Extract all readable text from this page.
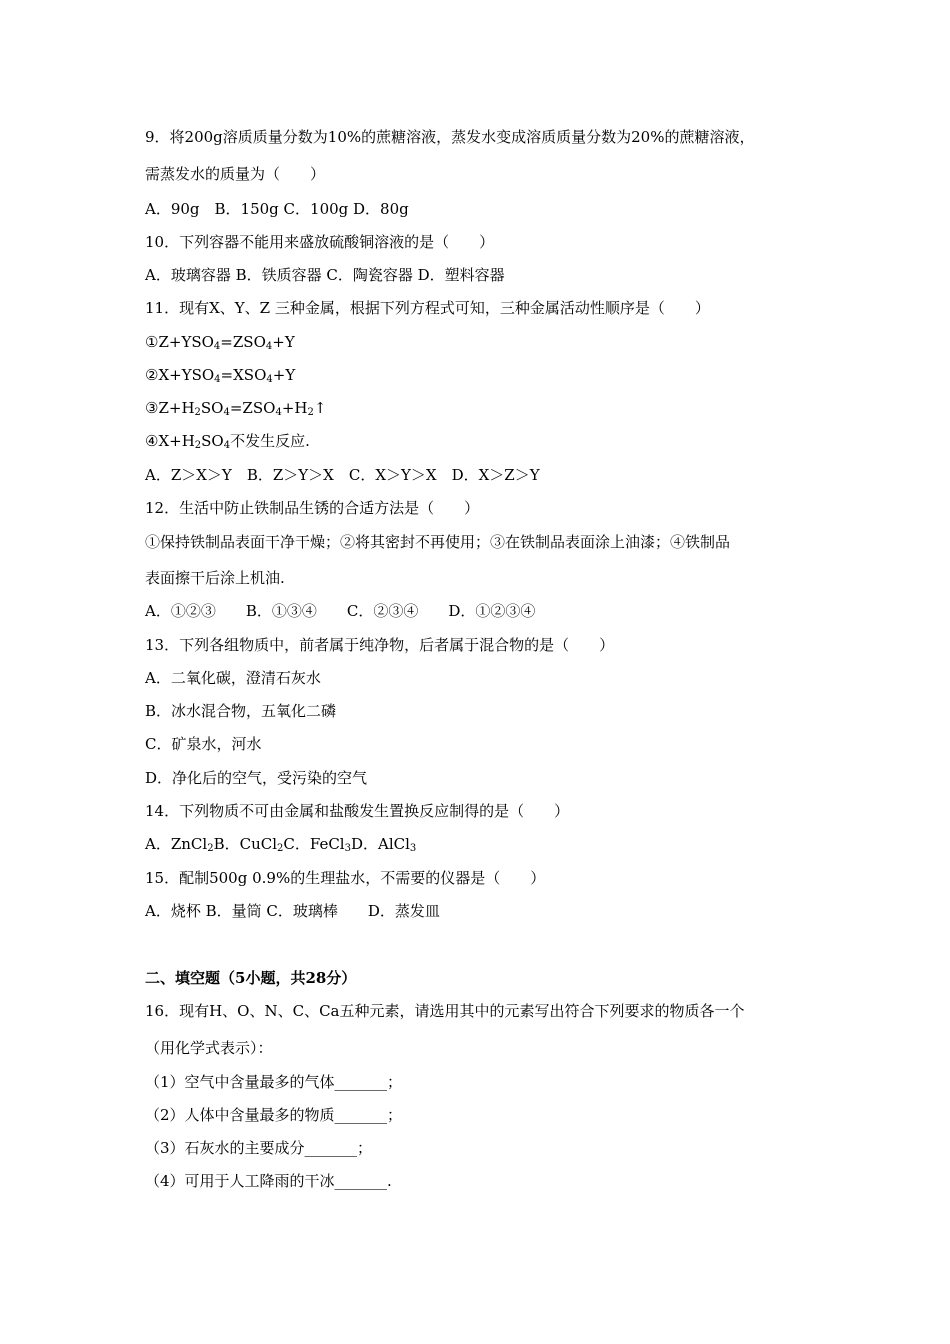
9．将200g溶质质量分数为10%的蔗糖溶液，蒸发水变成溶质质量分数为20%的蔗糖溶液，
需蒸发水的质量为（　　）
A．90g　B．150g C．100g D．80g
10．下列容器不能用来盛放硫酸铜溶液的是（　　）
A．玻璃容器 B．铁质容器 C．陶瓷容器 D．塑料容器
11．现有X、Y、Z 三种金属，根据下列方程式可知，三种金属活动性顺序是（　　）
$①Z+YSO_4=ZSO_4+Y$
$②X+YSO_4=XSO_4+Y$
$③Z+H_2SO_4=ZSO_4+H_2↑$
$④X+H_2SO_4$不发生反应.
A．Z＞X＞Y　B．Z＞Y＞X　C．X＞Y＞X　D．X＞Z＞Y
12．生活中防止铁制品生锈的合适方法是（　　）
①保持铁制品表面干净干燥；②将其密封不再使用；③在铁制品表面涂上油漆；④铁制品
表面擦干后涂上机油.
A．①②③　　B．①③④　　C．②③④　　D．①②③④
13．下列各组物质中，前者属于纯净物，后者属于混合物的是（　　）
A．二氧化碳，澄清石灰水
B．冰水混合物，五氧化二磷
C．矿泉水，河水
D．净化后的空气，受污染的空气
14．下列物质不可由金属和盐酸发生置换反应制得的是（　　）
A．ZnCl$_2$B．CuCl$_2$C．FeCl$_3$D．AlCl$_3$
15．配制500g 0.9%的生理盐水，不需要的仪器是（　　）
A．烧杯 B．量筒 C．玻璃棒　　D．蒸发皿
二、填空题（5小题，共28分）
16．现有H、O、N、C、Ca五种元素，请选用其中的元素写出符合下列要求的物质各一个
（用化学式表示）：
（1）空气中含量最多的气体_______；
（2）人体中含量最多的物质_______；
（3）石灰水的主要成分_______；
（4）可用于人工降雨的干冰_______.
